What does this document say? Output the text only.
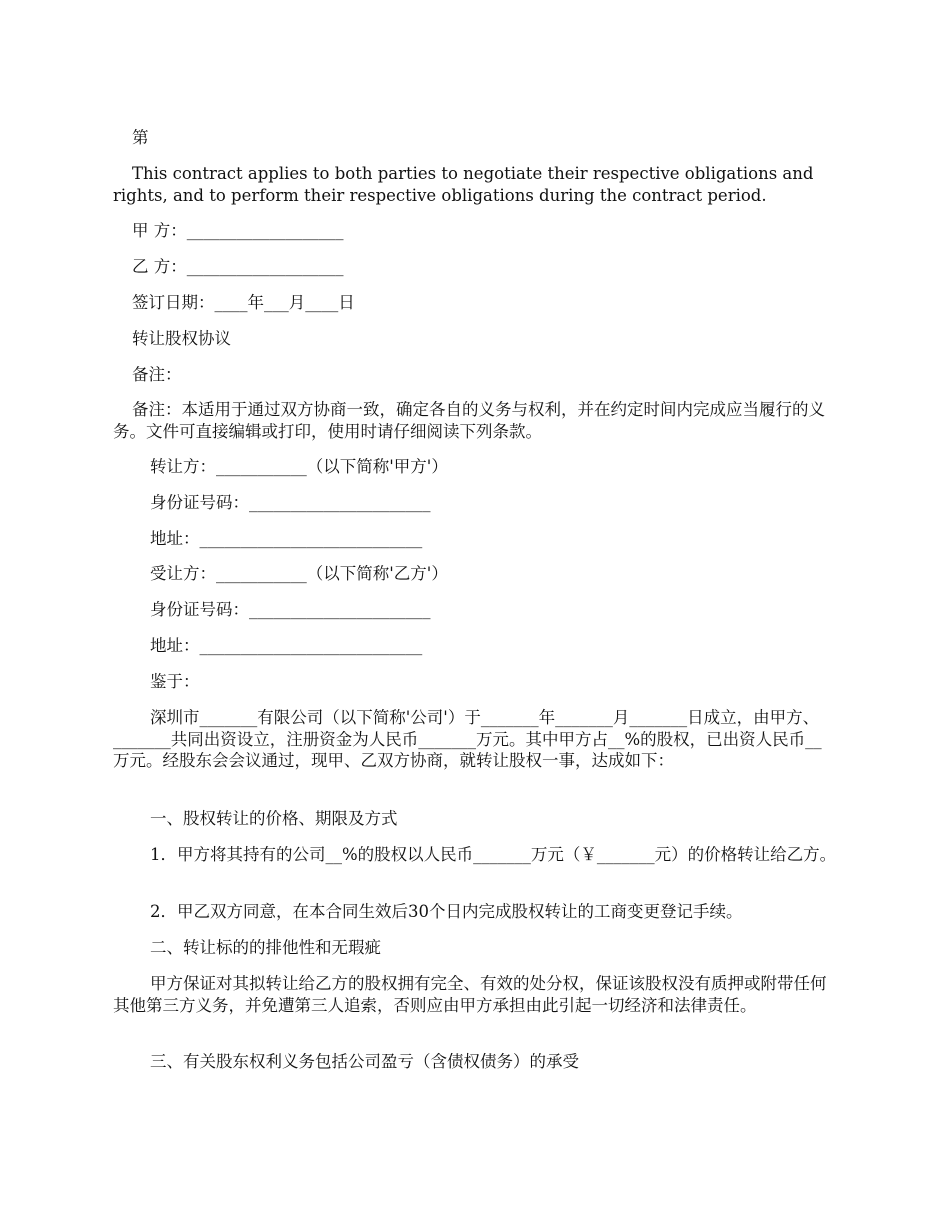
第
This contract applies to both parties to negotiate their respective obligations and rights, and to perform their respective obligations during the contract period.
甲 方：___________________
乙 方：___________________
签订日期：____年___月____日
转让股权协议
备注：
备注：本适用于通过双方协商一致，确定各自的义务与权利，并在约定时间内完成应当履行的义务。文件可直接编辑或打印，使用时请仔细阅读下列条款。
转让方：___________（以下简称'甲方'）
身份证号码：______________________
地址：___________________________
受让方：___________（以下简称'乙方'）
身份证号码：______________________
地址：___________________________
鉴于：
深圳市_______有限公司（以下简称'公司'）于_______年_______月_______日成立，由甲方、_______共同出资设立，注册资金为人民币_______万元。其中甲方占__%的股权，已出资人民币__万元。经股东会会议通过，现甲、乙双方协商，就转让股权一事，达成如下：
一、股权转让的价格、期限及方式
1．甲方将其持有的公司__%的股权以人民币_______万元（￥_______元）的价格转让给乙方。
2．甲乙双方同意，在本合同生效后30个日内完成股权转让的工商变更登记手续。
二、转让标的的排他性和无瑕疵
甲方保证对其拟转让给乙方的股权拥有完全、有效的处分权，保证该股权没有质押或附带任何其他第三方义务，并免遭第三人追索，否则应由甲方承担由此引起一切经济和法律责任。
三、有关股东权利义务包括公司盈亏（含债权债务）的承受
